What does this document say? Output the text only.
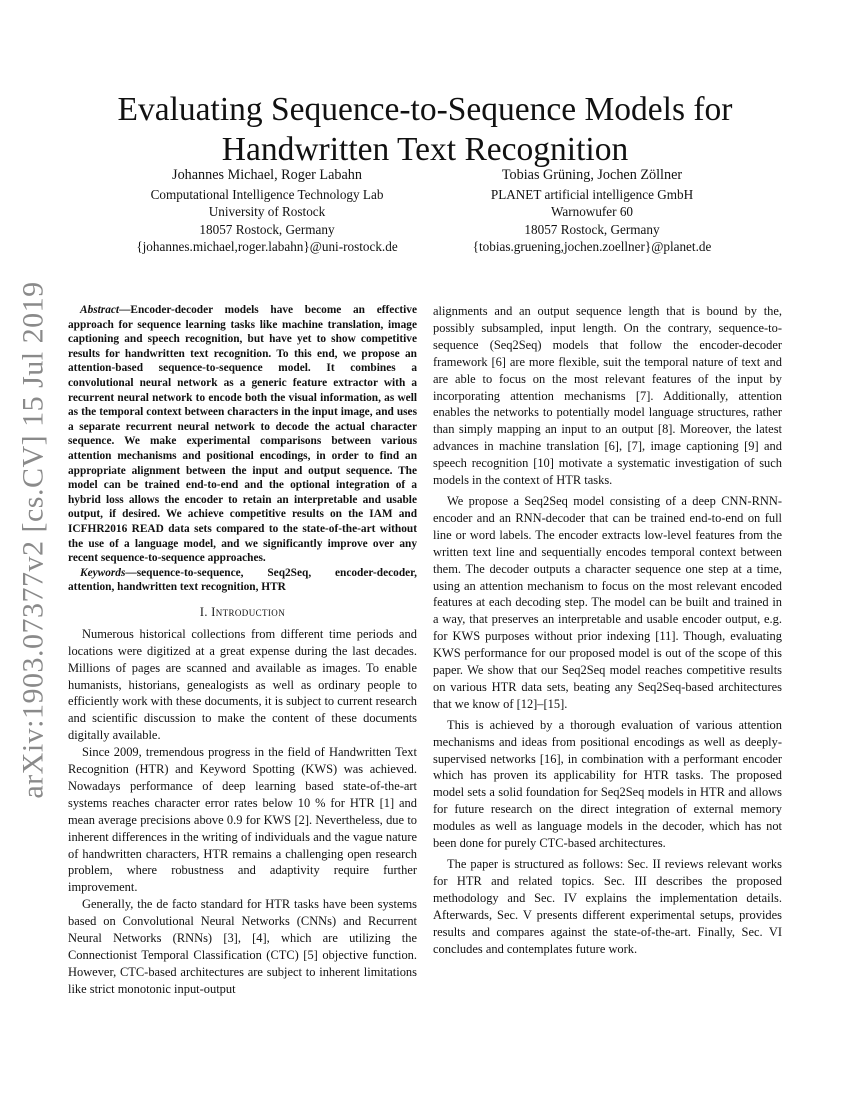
arXiv:1903.07377v2 [cs.CV] 15 Jul 2019
Evaluating Sequence-to-Sequence Models for
Handwritten Text Recognition
Johannes Michael, Roger Labahn
Computational Intelligence Technology Lab
University of Rostock
18057 Rostock, Germany
{johannes.michael,roger.labahn}@uni-rostock.de
Tobias Grüning, Jochen Zöllner
PLANET artificial intelligence GmbH
Warnowufer 60
18057 Rostock, Germany
{tobias.gruening,jochen.zoellner}@planet.de

Abstract—Encoder-decoder models have become an effective approach for sequence learning tasks like machine translation, image captioning and speech recognition, but have yet to show competitive results for handwritten text recognition. To this end, we propose an attention-based sequence-to-sequence model. It combines a convolutional neural network as a generic feature extractor with a recurrent neural network to encode both the visual information, as well as the temporal context between characters in the input image, and uses a separate recurrent neural network to decode the actual character sequence. We make experimental comparisons between various attention mechanisms and positional encodings, in order to find an appropriate alignment between the input and output sequence. The model can be trained end-to-end and the optional integration of a hybrid loss allows the encoder to retain an interpretable and usable output, if desired. We achieve competitive results on the IAM and ICFHR2016 READ data sets compared to the state-of-the-art without the use of a language model, and we significantly improve over any recent sequence-to-sequence approaches.

Keywords—sequence-to-sequence, Seq2Seq, encoder-decoder, attention, handwritten text recognition, HTR

I. Introduction

Numerous historical collections from different time periods and locations were digitized at a great expense during the last decades. Millions of pages are scanned and available as images. To enable humanists, historians, genealogists as well as ordinary people to efficiently work with these documents, it is subject to current research and scientific discussion to make the content of these documents digitally available.

Since 2009, tremendous progress in the field of Handwritten Text Recognition (HTR) and Keyword Spotting (KWS) was achieved. Nowadays performance of deep learning based state-of-the-art systems reaches character error rates below 10 % for HTR [1] and mean average precisions above 0.9 for KWS [2]. Nevertheless, due to inherent differences in the writing of individuals and the vague nature of handwritten characters, HTR remains a challenging open research problem, where robustness and adaptivity require further improvement.

Generally, the de facto standard for HTR tasks have been systems based on Convolutional Neural Networks (CNNs) and Recurrent Neural Networks (RNNs) [3], [4], which are utilizing the Connectionist Temporal Classification (CTC) [5] objective function. However, CTC-based architectures are subject to inherent limitations like strict monotonic input-output

alignments and an output sequence length that is bound by the, possibly subsampled, input length. On the contrary, sequence-to-sequence (Seq2Seq) models that follow the encoder-decoder framework [6] are more flexible, suit the temporal nature of text and are able to focus on the most relevant features of the input by incorporating attention mechanisms [7]. Additionally, attention enables the networks to potentially model language structures, rather than simply mapping an input to an output [8]. Moreover, the latest advances in machine translation [6], [7], image captioning [9] and speech recognition [10] motivate a systematic investigation of such models in the context of HTR tasks.

We propose a Seq2Seq model consisting of a deep CNN-RNN-encoder and an RNN-decoder that can be trained end-to-end on full line or word labels. The encoder extracts low-level features from the written text line and sequentially encodes temporal context between them. The decoder outputs a character sequence one step at a time, using an attention mechanism to focus on the most relevant encoded features at each decoding step. The model can be built and trained in a way, that preserves an interpretable and usable encoder output, e.g. for KWS purposes without prior indexing [11]. Though, evaluating KWS performance for our proposed model is out of the scope of this paper. We show that our Seq2Seq model reaches competitive results on various HTR data sets, beating any Seq2Seq-based architectures that we know of [12]–[15].

This is achieved by a thorough evaluation of various attention mechanisms and ideas from positional encodings as well as deeply-supervised networks [16], in combination with a performant encoder which has proven its applicability for HTR tasks. The proposed model sets a solid foundation for Seq2Seq models in HTR and allows for future research on the direct integration of external memory modules as well as language models in the decoder, which has not been done for purely CTC-based architectures.

The paper is structured as follows: Sec. II reviews relevant works for HTR and related topics. Sec. III describes the proposed methodology and Sec. IV explains the implementation details. Afterwards, Sec. V presents different experimental setups, provides results and compares against the state-of-the-art. Finally, Sec. VI concludes and contemplates future work.
